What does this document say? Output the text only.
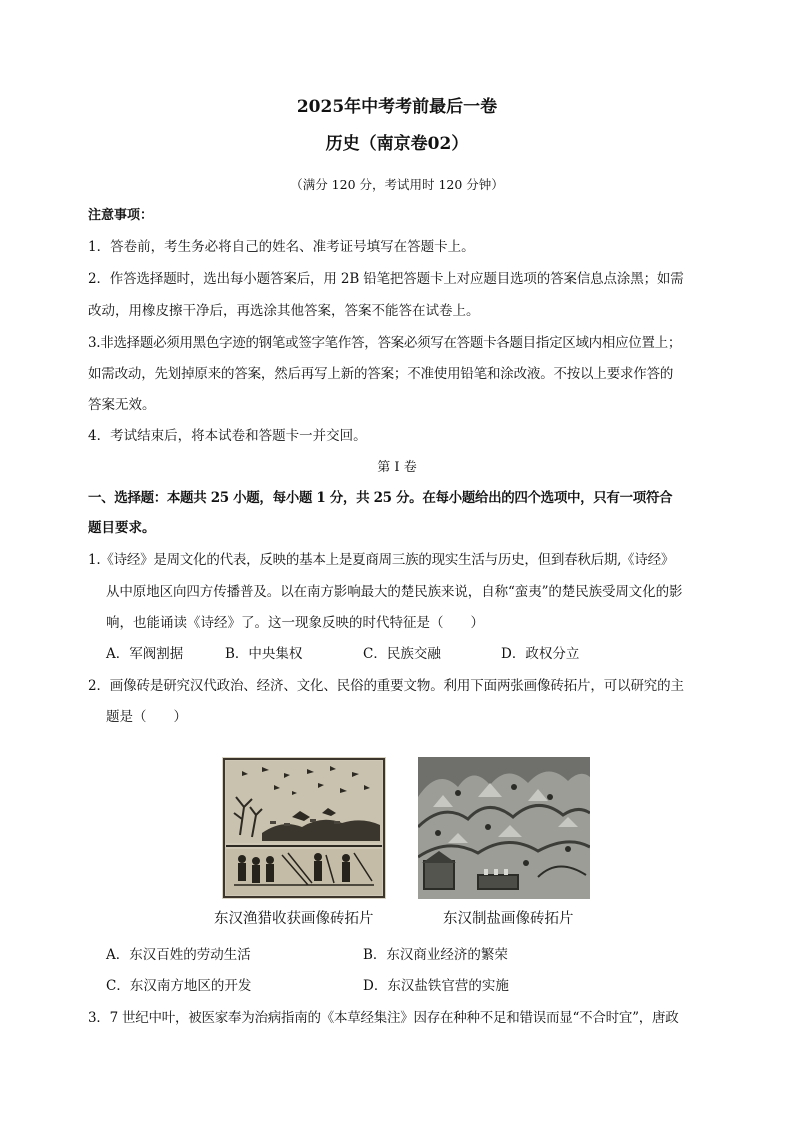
2025年中考考前最后一卷
历史（南京卷02）
（满分 120 分，考试用时 120 分钟）
注意事项：
1．答卷前，考生务必将自己的姓名、准考证号填写在答题卡上。
2．作答选择题时，选出每小题答案后，用 2B 铅笔把答题卡上对应题目选项的答案信息点涂黑；如需
改动，用橡皮擦干净后，再选涂其他答案，答案不能答在试卷上。
3.非选择题必须用黑色字迹的钢笔或签字笔作答，答案必须写在答题卡各题目指定区域内相应位置上；
如需改动，先划掉原来的答案，然后再写上新的答案；不准使用铅笔和涂改液。不按以上要求作答的
答案无效。
4．考试结束后，将本试卷和答题卡一并交回。
第 I 卷
一、选择题：本题共 25 小题，每小题 1 分，共 25 分。在每小题给出的四个选项中，只有一项符合
题目要求。
1.《诗经》是周文化的代表，反映的基本上是夏商周三族的现实生活与历史，但到春秋后期,《诗经》
从中原地区向四方传播普及。以在南方影响最大的楚民族来说，自称“蛮夷”的楚民族受周文化的影
响，也能诵读《诗经》了。这一现象反映的时代特征是（　　）
A．军阀割据	B．中央集权	C．民族交融	D．政权分立
2．画像砖是研究汉代政治、经济、文化、民俗的重要文物。利用下面两张画像砖拓片，可以研究的主
题是（　　）
东汉渔猎收获画像砖拓片	东汉制盐画像砖拓片
A．东汉百姓的劳动生活	B．东汉商业经济的繁荣
C．东汉南方地区的开发	D．东汉盐铁官营的实施
3．7 世纪中叶，被医家奉为治病指南的《本草经集注》因存在种种不足和错误而显“不合时宜”，唐政
